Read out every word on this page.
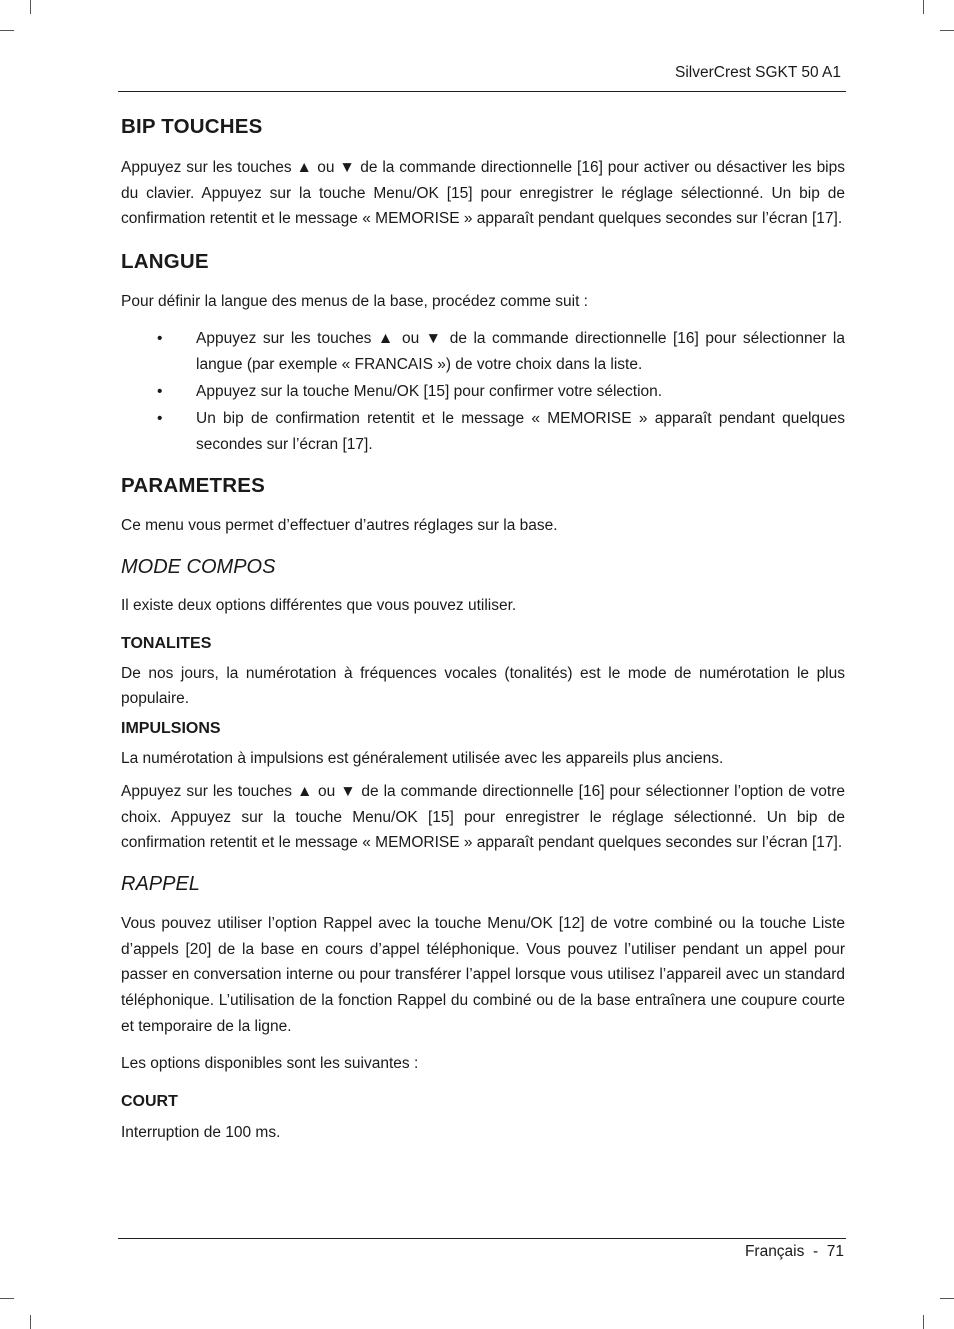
SilverCrest SGKT 50 A1
BIP TOUCHES

Appuyez sur les touches ▲ ou ▼ de la commande directionnelle [16] pour activer ou désactiver les bips du clavier. Appuyez sur la touche Menu/OK [15] pour enregistrer le réglage sélectionné. Un bip de confirmation retentit et le message « MEMORISE » apparaît pendant quelques secondes sur l’écran [17].

LANGUE

Pour définir la langue des menus de la base, procédez comme suit :

• Appuyez sur les touches ▲ ou ▼ de la commande directionnelle [16] pour sélectionner la langue (par exemple « FRANCAIS ») de votre choix dans la liste.
• Appuyez sur la touche Menu/OK [15] pour confirmer votre sélection.
• Un bip de confirmation retentit et le message « MEMORISE » apparaît pendant quelques secondes sur l’écran [17].
PARAMETRES

Ce menu vous permet d’effectuer d’autres réglages sur la base.

MODE COMPOS

Il existe deux options différentes que vous pouvez utiliser.

TONALITES

De nos jours, la numérotation à fréquences vocales (tonalités) est le mode de numérotation le plus populaire.

IMPULSIONS

La numérotation à impulsions est généralement utilisée avec les appareils plus anciens.

Appuyez sur les touches ▲ ou ▼ de la commande directionnelle [16] pour sélectionner l’option de votre choix. Appuyez sur la touche Menu/OK [15] pour enregistrer le réglage sélectionné. Un bip de confirmation retentit et le message « MEMORISE » apparaît pendant quelques secondes sur l’écran [17].

RAPPEL

Vous pouvez utiliser l’option Rappel avec la touche Menu/OK [12] de votre combiné ou la touche Liste d’appels [20] de la base en cours d’appel téléphonique. Vous pouvez l’utiliser pendant un appel pour passer en conversation interne ou pour transférer l’appel lorsque vous utilisez l’appareil avec un standard téléphonique. L’utilisation de la fonction Rappel du combiné ou de la base entraînera une coupure courte et temporaire de la ligne.

Les options disponibles sont les suivantes :

COURT

Interruption de 100 ms.

Français  -  71
